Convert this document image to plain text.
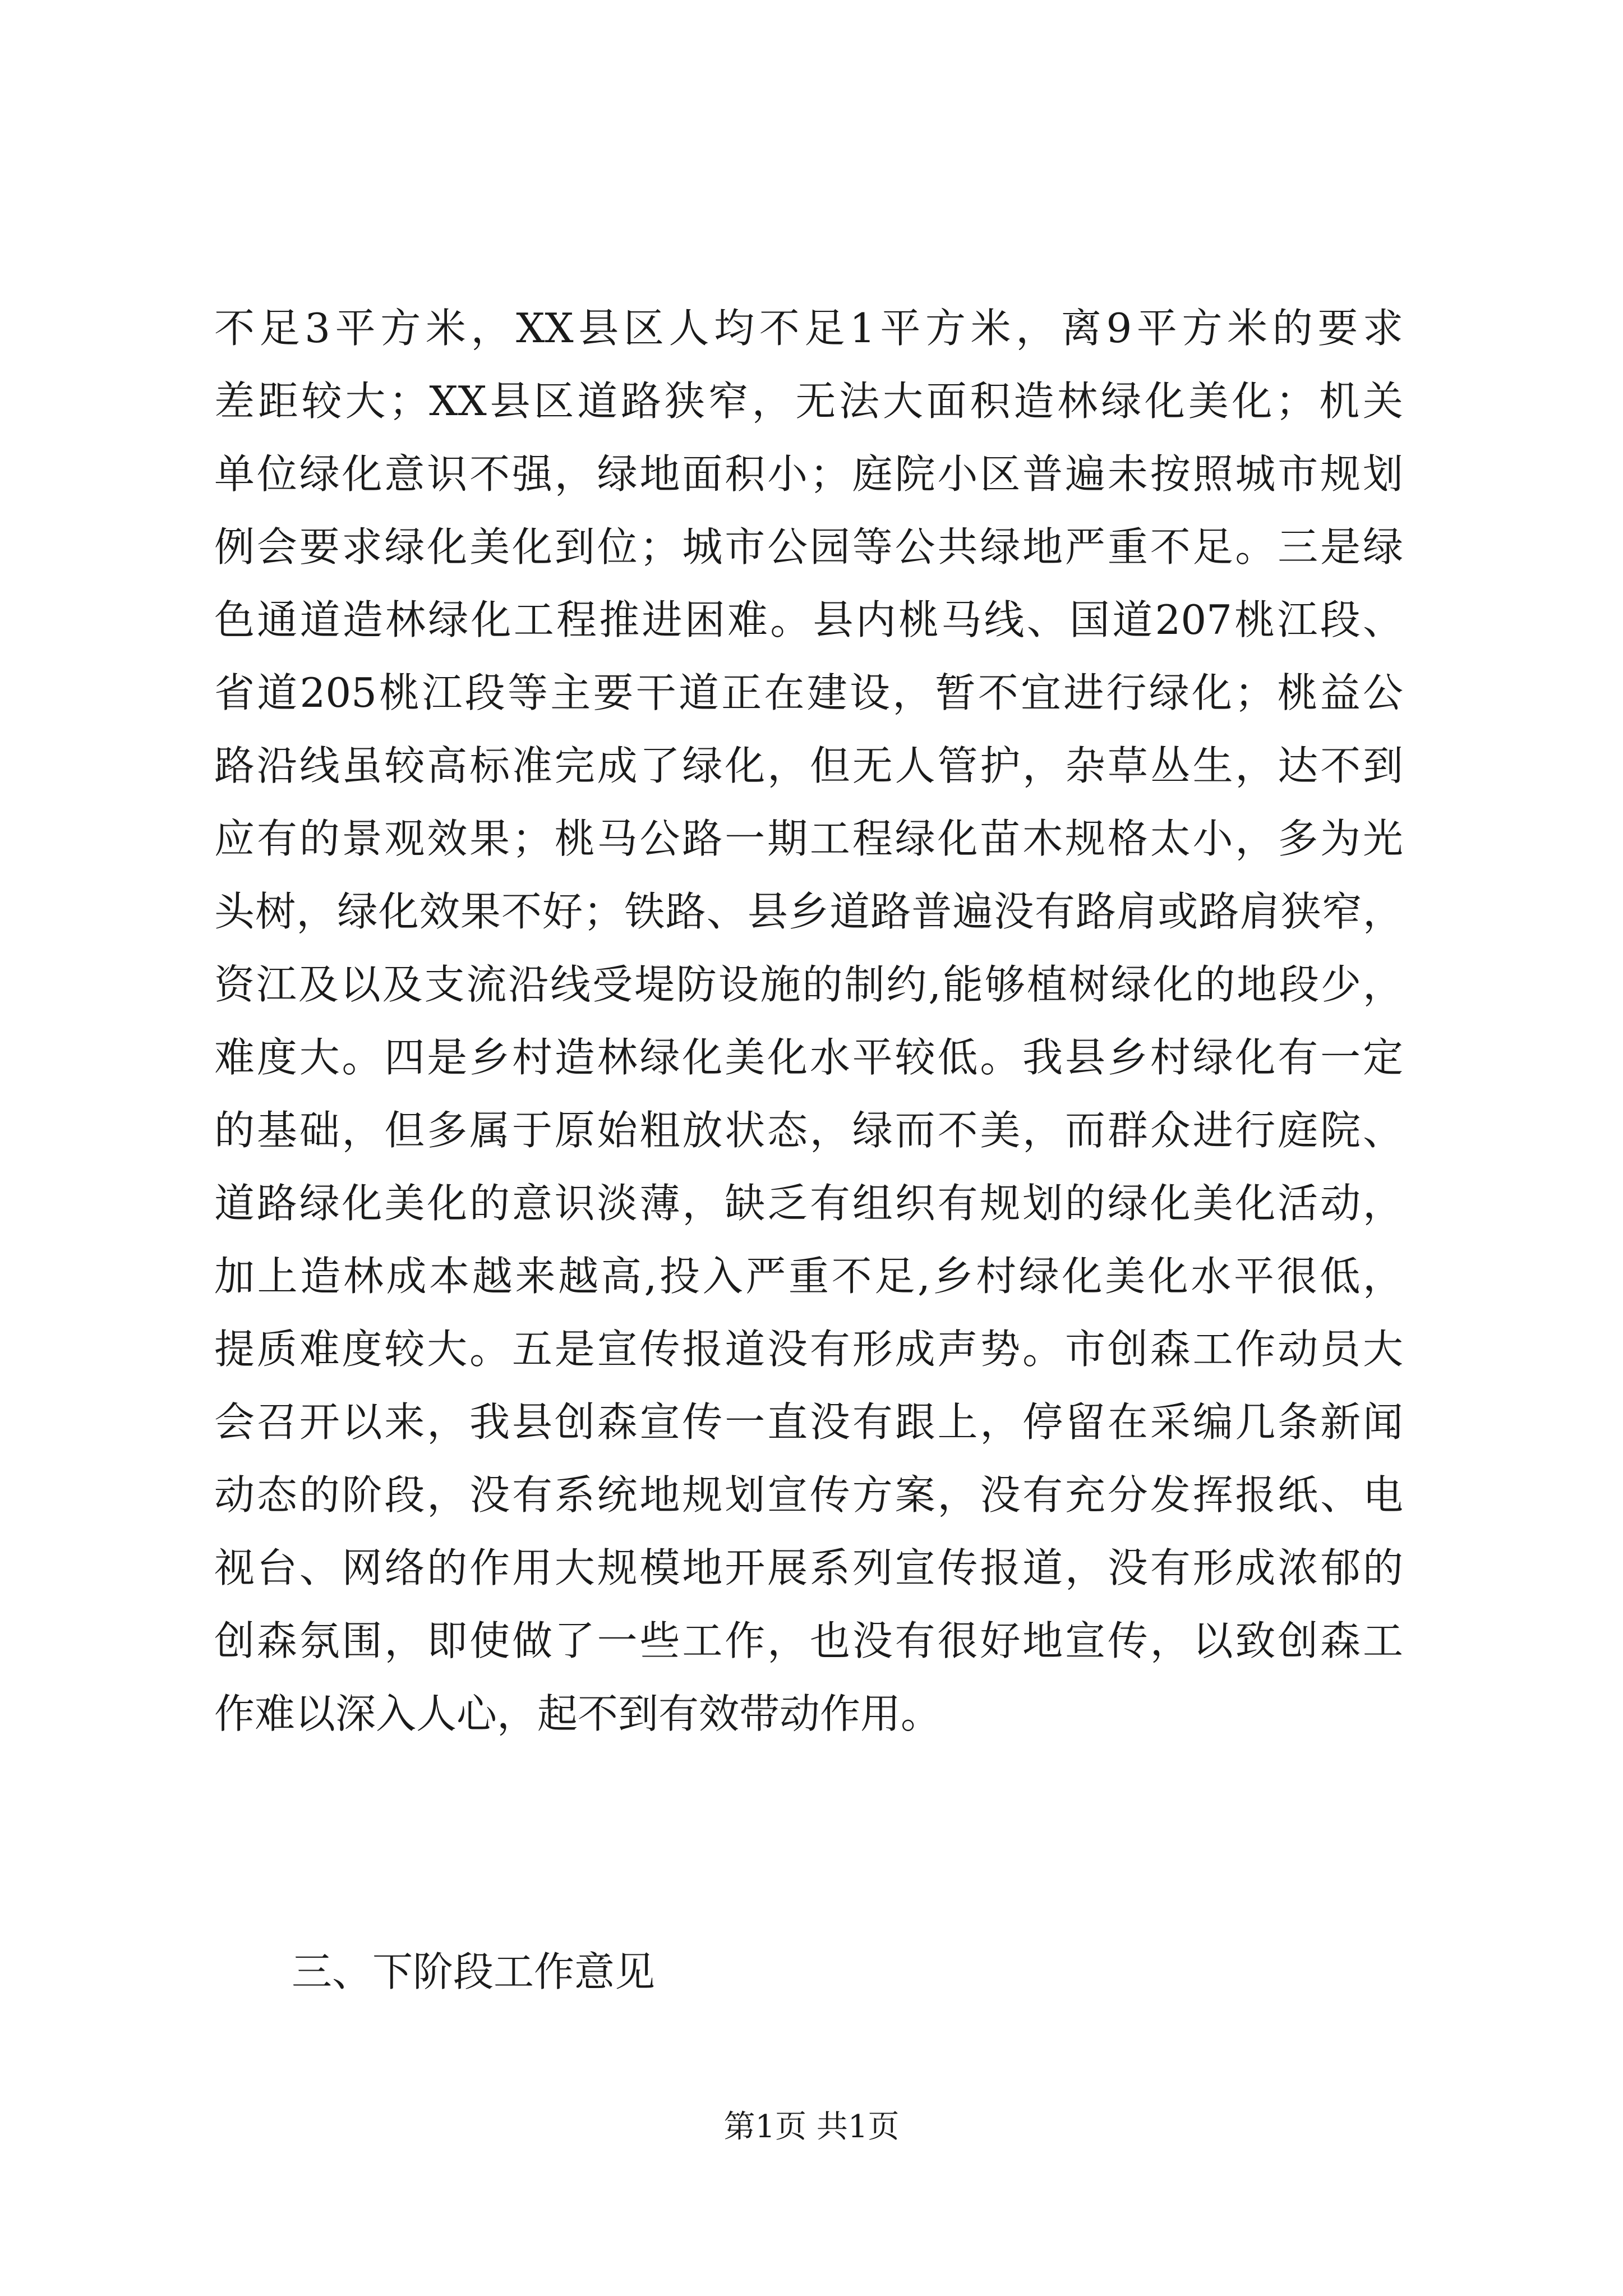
不足3平方米，XX县区人均不足1平方米，离9平方米的要求
差距较大；XX县区道路狭窄，无法大面积造林绿化美化；机关
单位绿化意识不强，绿地面积小；庭院小区普遍未按照城市规划
例会要求绿化美化到位；城市公园等公共绿地严重不足。三是绿
色通道造林绿化工程推进困难。县内桃马线、国道207桃江段、
省道205桃江段等主要干道正在建设，暂不宜进行绿化；桃益公
路沿线虽较高标准完成了绿化，但无人管护，杂草丛生，达不到
应有的景观效果；桃马公路一期工程绿化苗木规格太小，多为光
头树，绿化效果不好；铁路、县乡道路普遍没有路肩或路肩狭窄，
资江及以及支流沿线受堤防设施的制约,能够植树绿化的地段少，
难度大。四是乡村造林绿化美化水平较低。我县乡村绿化有一定
的基础，但多属于原始粗放状态，绿而不美，而群众进行庭院、
道路绿化美化的意识淡薄，缺乏有组织有规划的绿化美化活动，
加上造林成本越来越高,投入严重不足,乡村绿化美化水平很低，
提质难度较大。五是宣传报道没有形成声势。市创森工作动员大
会召开以来，我县创森宣传一直没有跟上，停留在采编几条新闻
动态的阶段，没有系统地规划宣传方案，没有充分发挥报纸、电
视台、网络的作用大规模地开展系列宣传报道，没有形成浓郁的
创森氛围，即使做了一些工作，也没有很好地宣传，以致创森工
作难以深入人心，起不到有效带动作用。
三、下阶段工作意见
第1页 共1页
